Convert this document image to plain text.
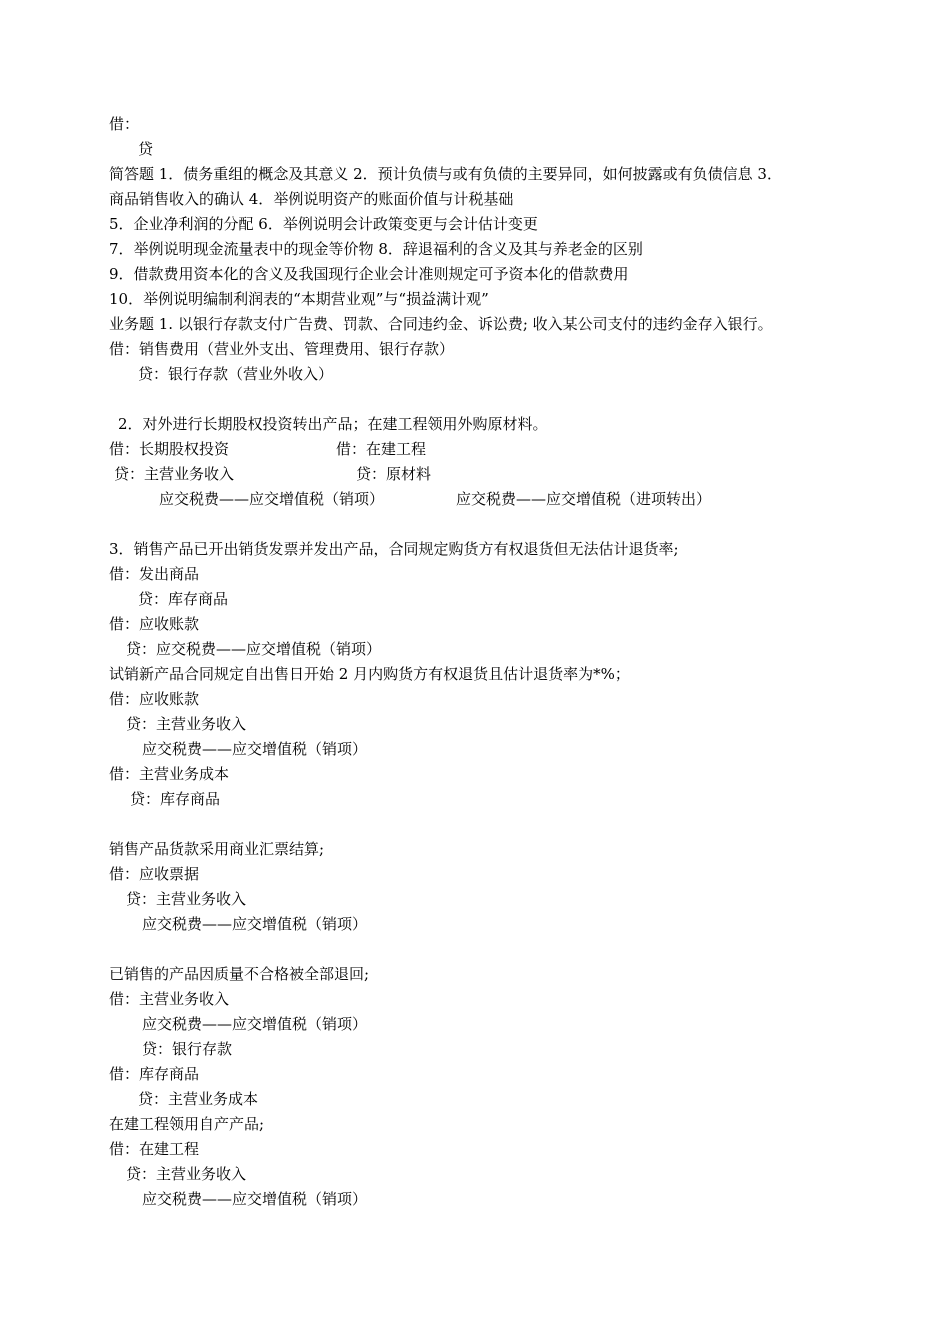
借：
贷
简答题 1．债务重组的概念及其意义 2．预计负债与或有负债的主要异同，如何披露或有负债信息 3．
商品销售收入的确认 4．举例说明资产的账面价值与计税基础
5．企业净利润的分配 6．举例说明会计政策变更与会计估计变更
7．举例说明现金流量表中的现金等价物 8．辞退福利的含义及其与养老金的区别
9．借款费用资本化的含义及我国现行企业会计准则规定可予资本化的借款费用
10．举例说明编制利润表的“本期营业观”与“损益满计观”
业务题 1. 以银行存款支付广告费、罚款、合同违约金、诉讼费; 收入某公司支付的违约金存入银行。
借：销售费用（营业外支出、管理费用、银行存款）
贷：银行存款（营业外收入）
2．对外进行长期股权投资转出产品；在建工程领用外购原材料。
借：长期股权投资	借：在建工程
贷：主营业务收入	贷：原材料
应交税费——应交增值税（销项）	应交税费——应交增值税（进项转出）
3．销售产品已开出销货发票并发出产品，合同规定购货方有权退货但无法估计退货率;
借：发出商品
贷：库存商品
借：应收账款
贷：应交税费——应交增值税（销项）
试销新产品合同规定自出售日开始 2 月内购货方有权退货且估计退货率为*%；
借：应收账款
贷：主营业务收入
应交税费——应交增值税（销项）
借：主营业务成本
贷：库存商品
销售产品货款采用商业汇票结算;
借：应收票据
贷：主营业务收入
应交税费——应交增值税（销项）
已销售的产品因质量不合格被全部退回;
借：主营业务收入
应交税费——应交增值税（销项）
贷：银行存款
借：库存商品
贷：主营业务成本
在建工程领用自产产品;
借：在建工程
贷：主营业务收入
应交税费——应交增值税（销项）
